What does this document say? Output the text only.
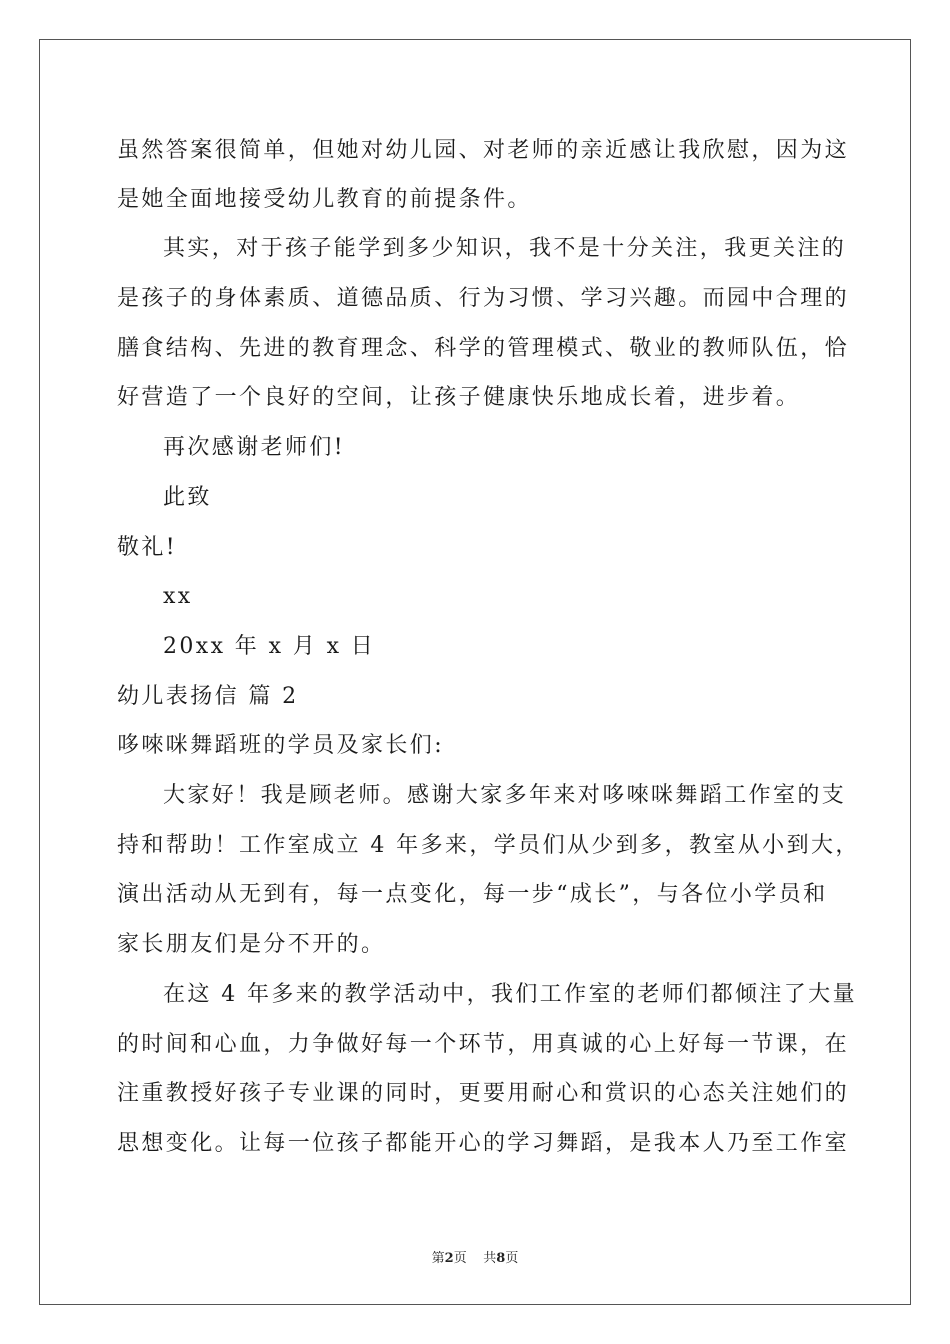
虽然答案很简单，但她对幼儿园、对老师的亲近感让我欣慰，因为这

是她全面地接受幼儿教育的前提条件。

其实，对于孩子能学到多少知识，我不是十分关注，我更关注的

是孩子的身体素质、道德品质、行为习惯、学习兴趣。而园中合理的

膳食结构、先进的教育理念、科学的管理模式、敬业的教师队伍，恰

好营造了一个良好的空间，让孩子健康快乐地成长着，进步着。

再次感谢老师们!

此致

敬礼!

xx

20xx 年 x 月 x 日

幼儿表扬信 篇 2

哆唻咪舞蹈班的学员及家长们:

大家好！我是顾老师。感谢大家多年来对哆唻咪舞蹈工作室的支

持和帮助！工作室成立 4 年多来，学员们从少到多，教室从小到大，

演出活动从无到有，每一点变化，每一步“成长”，与各位小学员和

家长朋友们是分不开的。

在这 4 年多来的教学活动中，我们工作室的老师们都倾注了大量

的时间和心血，力争做好每一个环节，用真诚的心上好每一节课，在

注重教授好孩子专业课的同时，更要用耐心和赏识的心态关注她们的

思想变化。让每一位孩子都能开心的学习舞蹈，是我本人乃至工作室

第2页 共8页
